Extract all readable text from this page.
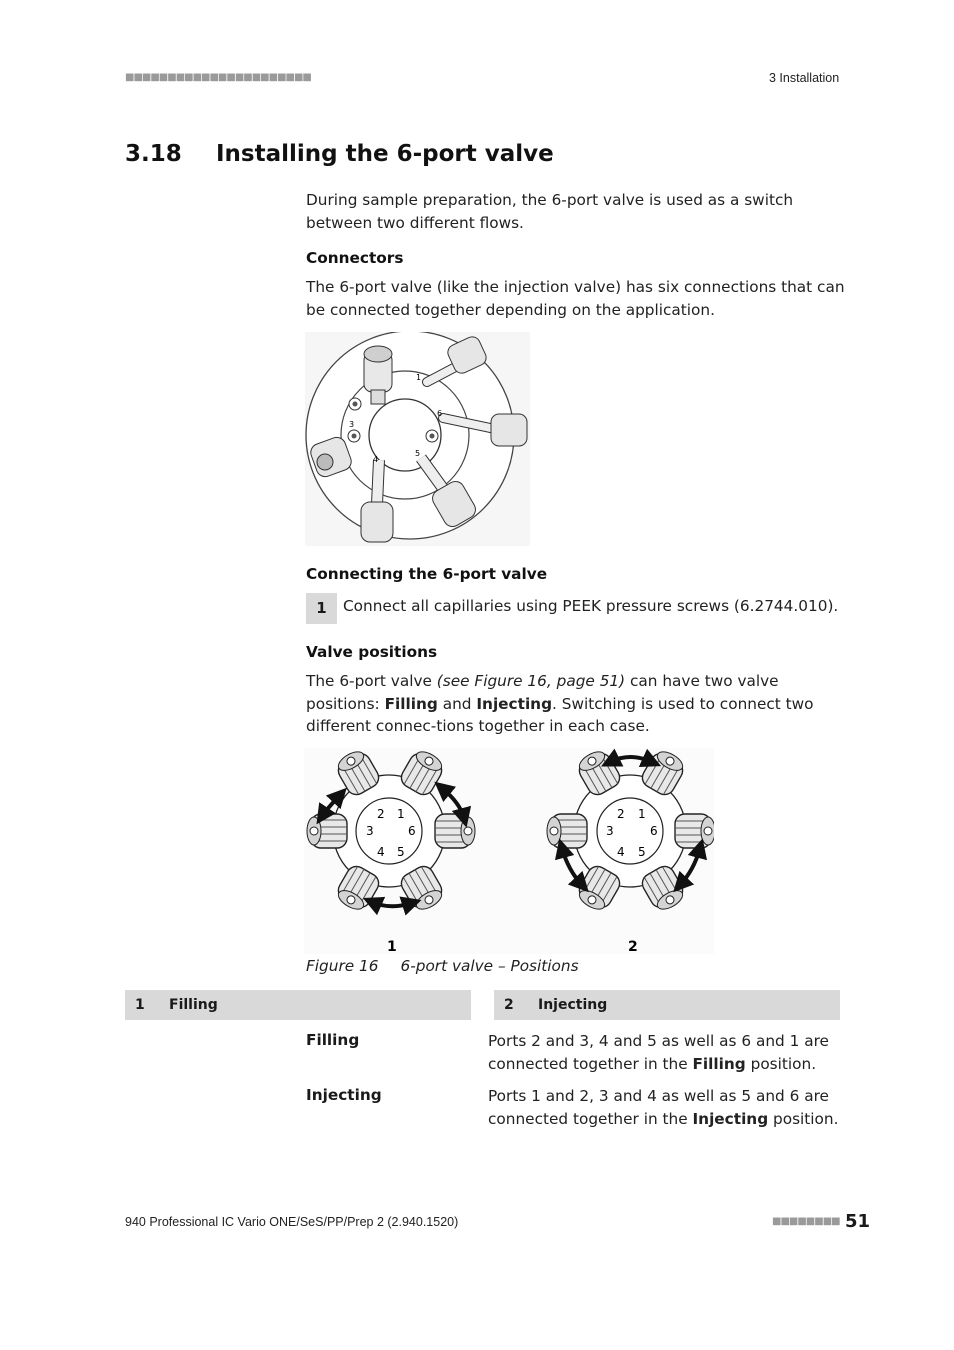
■■■■■■■■■■■■■■■■■■■■■■	3 Installation
3.18 Installing the 6-port valve
During sample preparation, the 6-port valve is used as a switch between two different flows.
Connectors
The 6-port valve (like the injection valve) has six connections that can be connected together depending on the application.
1
6
3
4
5
Connecting the 6-port valve
1	Connect all capillaries using PEEK pressure screws (6.2744.010).
Valve positions
The 6-port valve (see Figure 16, page 51) can have two valve positions: Filling and Injecting. Switching is used to connect two different connec-tions together in each case.
2 1
3	6
4 5
2 1
3	6
4 5
1	2
Figure 16 6-port valve – Positions
1 Filling	2 Injecting
Filling	Ports 2 and 3, 4 and 5 as well as 6 and 1 are connected together in the Filling position.
Injecting	Ports 1 and 2, 3 and 4 as well as 5 and 6 are connected together in the Injecting position.
940 Professional IC Vario ONE/SeS/PP/Prep 2 (2.940.1520)	■■■■■■■■ 51
